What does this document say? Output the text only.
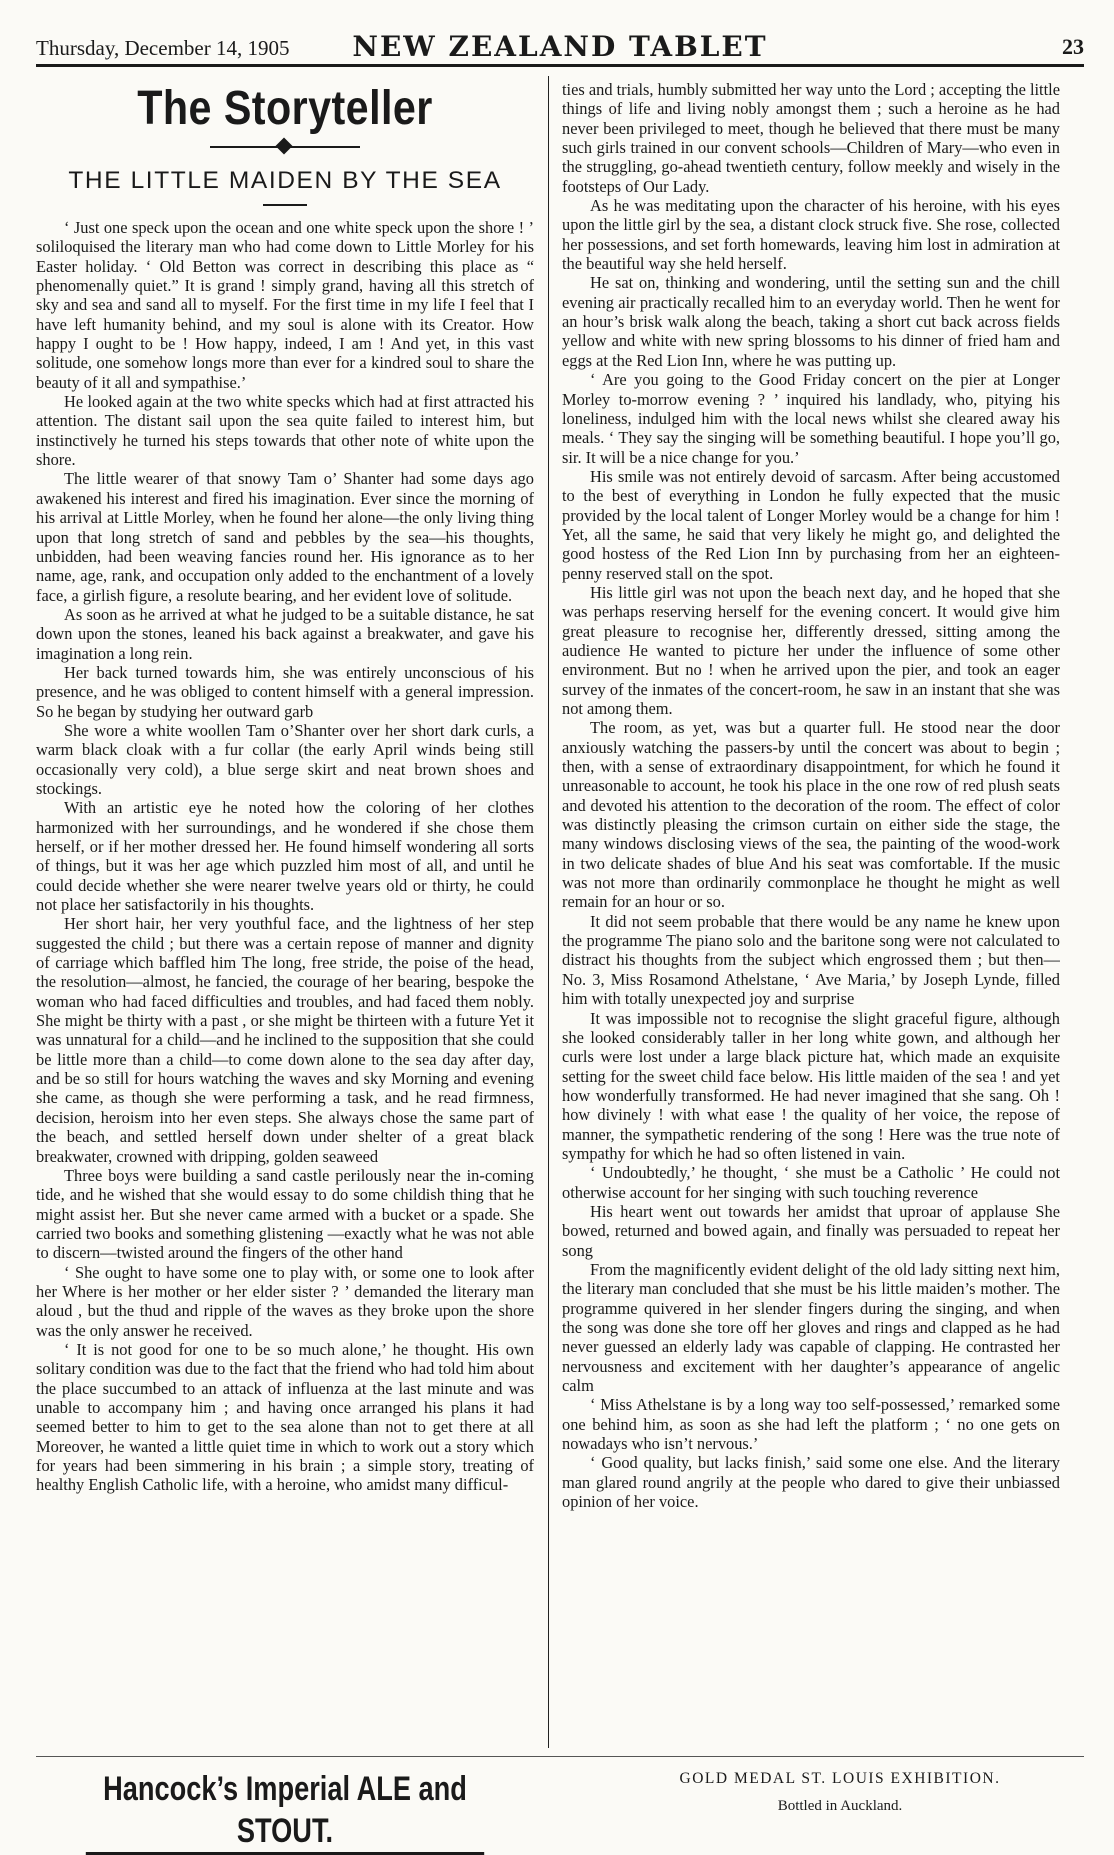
Thursday, December 14, 1905	NEW ZEALAND TABLET	23
The Storyteller
THE LITTLE MAIDEN BY THE SEA

‘ Just one speck upon the ocean and one white speck upon the shore ! ’ soliloquised the literary man who had come down to Little Morley for his Easter holiday. ‘ Old Betton was correct in describing this place as “ phenomenally quiet.” It is grand ! simply grand, having all this stretch of sky and sea and sand all to myself. For the first time in my life I feel that I have left humanity behind, and my soul is alone with its Creator. How happy I ought to be ! How happy, indeed, I am ! And yet, in this vast solitude, one somehow longs more than ever for a kindred soul to share the beauty of it all and sympathise.’

He looked again at the two white specks which had at first attracted his attention. The distant sail upon the sea quite failed to interest him, but instinctively he turned his steps towards that other note of white upon the shore.

The little wearer of that snowy Tam o’ Shanter had some days ago awakened his interest and fired his imagination. Ever since the morning of his arrival at Little Morley, when he found her alone—the only living thing upon that long stretch of sand and pebbles by the sea—his thoughts, unbidden, had been weaving fancies round her. His ignorance as to her name, age, rank, and occupation only added to the enchantment of a lovely face, a girlish figure, a resolute bearing, and her evident love of solitude.

As soon as he arrived at what he judged to be a suitable distance, he sat down upon the stones, leaned his back against a breakwater, and gave his imagination a long rein.

Her back turned towards him, she was entirely unconscious of his presence, and he was obliged to content himself with a general impression. So he began by studying her outward garb

She wore a white woollen Tam o’Shanter over her short dark curls, a warm black cloak with a fur collar (the early April winds being still occasionally very cold), a blue serge skirt and neat brown shoes and stockings.

With an artistic eye he noted how the coloring of her clothes harmonized with her surroundings, and he wondered if she chose them herself, or if her mother dressed her. He found himself wondering all sorts of things, but it was her age which puzzled him most of all, and until he could decide whether she were nearer twelve years old or thirty, he could not place her satisfactorily in his thoughts.

Her short hair, her very youthful face, and the lightness of her step suggested the child ; but there was a certain repose of manner and dignity of carriage which baffled him The long, free stride, the poise of the head, the resolution—almost, he fancied, the courage of her bearing, bespoke the woman who had faced difficulties and troubles, and had faced them nobly. She might be thirty with a past , or she might be thirteen with a future Yet it was unnatural for a child—and he inclined to the supposition that she could be little more than a child—to come down alone to the sea day after day, and be so still for hours watching the waves and sky Morning and evening she came, as though she were performing a task, and he read firmness, decision, heroism into her even steps. She always chose the same part of the beach, and settled herself down under shelter of a great black breakwater, crowned with dripping, golden seaweed

Three boys were building a sand castle perilously near the in-coming tide, and he wished that she would essay to do some childish thing that he might assist her. But she never came armed with a bucket or a spade. She carried two books and something glistening —exactly what he was not able to discern—twisted around the fingers of the other hand

‘ She ought to have some one to play with, or some one to look after her Where is her mother or her elder sister ? ’ demanded the literary man aloud , but the thud and ripple of the waves as they broke upon the shore was the only answer he received.

‘ It is not good for one to be so much alone,’ he thought. His own solitary condition was due to the fact that the friend who had told him about the place succumbed to an attack of influenza at the last minute and was unable to accompany him ; and having once arranged his plans it had seemed better to him to get to the sea alone than not to get there at all Moreover, he wanted a little quiet time in which to work out a story which for years had been simmering in his brain ; a simple story, treating of healthy English Catholic life, with a heroine, who amidst many difficul-

ties and trials, humbly submitted her way unto the Lord ; accepting the little things of life and living nobly amongst them ; such a heroine as he had never been privileged to meet, though he believed that there must be many such girls trained in our convent schools—Children of Mary—who even in the struggling, go-ahead twentieth century, follow meekly and wisely in the footsteps of Our Lady.

As he was meditating upon the character of his heroine, with his eyes upon the little girl by the sea, a distant clock struck five. She rose, collected her possessions, and set forth homewards, leaving him lost in admiration at the beautiful way she held herself.

He sat on, thinking and wondering, until the setting sun and the chill evening air practically recalled him to an everyday world. Then he went for an hour’s brisk walk along the beach, taking a short cut back across fields yellow and white with new spring blossoms to his dinner of fried ham and eggs at the Red Lion Inn, where he was putting up.

‘ Are you going to the Good Friday concert on the pier at Longer Morley to-morrow evening ? ’ inquired his landlady, who, pitying his loneliness, indulged him with the local news whilst she cleared away his meals. ‘ They say the singing will be something beautiful. I hope you’ll go, sir. It will be a nice change for you.’

His smile was not entirely devoid of sarcasm. After being accustomed to the best of everything in London he fully expected that the music provided by the local talent of Longer Morley would be a change for him ! Yet, all the same, he said that very likely he might go, and delighted the good hostess of the Red Lion Inn by purchasing from her an eighteen-penny reserved stall on the spot.

His little girl was not upon the beach next day, and he hoped that she was perhaps reserving herself for the evening concert. It would give him great pleasure to recognise her, differently dressed, sitting among the audience He wanted to picture her under the influence of some other environment. But no ! when he arrived upon the pier, and took an eager survey of the inmates of the concert-room, he saw in an instant that she was not among them.

The room, as yet, was but a quarter full. He stood near the door anxiously watching the passers-by until the concert was about to begin ; then, with a sense of extraordinary disappointment, for which he found it unreasonable to account, he took his place in the one row of red plush seats and devoted his attention to the decoration of the room. The effect of color was distinctly pleasing the crimson curtain on either side the stage, the many windows disclosing views of the sea, the painting of the wood-work in two delicate shades of blue And his seat was comfortable. If the music was not more than ordinarily commonplace he thought he might as well remain for an hour or so.

It did not seem probable that there would be any name he knew upon the programme The piano solo and the baritone song were not calculated to distract his thoughts from the subject which engrossed them ; but then—No. 3, Miss Rosamond Athelstane, ‘ Ave Maria,’ by Joseph Lynde, filled him with totally unexpected joy and surprise

It was impossible not to recognise the slight graceful figure, although she looked considerably taller in her long white gown, and although her curls were lost under a large black picture hat, which made an exquisite setting for the sweet child face below. His little maiden of the sea ! and yet how wonderfully transformed. He had never imagined that she sang. Oh ! how divinely ! with what ease ! the quality of her voice, the repose of manner, the sympathetic rendering of the song ! Here was the true note of sympathy for which he had so often listened in vain.

‘ Undoubtedly,’ he thought, ‘ she must be a Catholic ’ He could not otherwise account for her singing with such touching reverence

His heart went out towards her amidst that uproar of applause She bowed, returned and bowed again, and finally was persuaded to repeat her song

From the magnificently evident delight of the old lady sitting next him, the literary man concluded that she must be his little maiden’s mother. The programme quivered in her slender fingers during the singing, and when the song was done she tore off her gloves and rings and clapped as he had never guessed an elderly lady was capable of clapping. He contrasted her nervousness and excitement with her daughter’s appearance of angelic calm

‘ Miss Athelstane is by a long way too self-possessed,’ remarked some one behind him, as soon as she had left the platform ; ‘ no one gets on nowadays who isn’t nervous.’

‘ Good quality, but lacks finish,’ said some one else. And the literary man glared round angrily at the people who dared to give their unbiassed opinion of her voice.

Hancock’s Imperial ALE and STOUT.
GOLD MEDAL ST. LOUIS EXHIBITION.
Bottled in Auckland.
